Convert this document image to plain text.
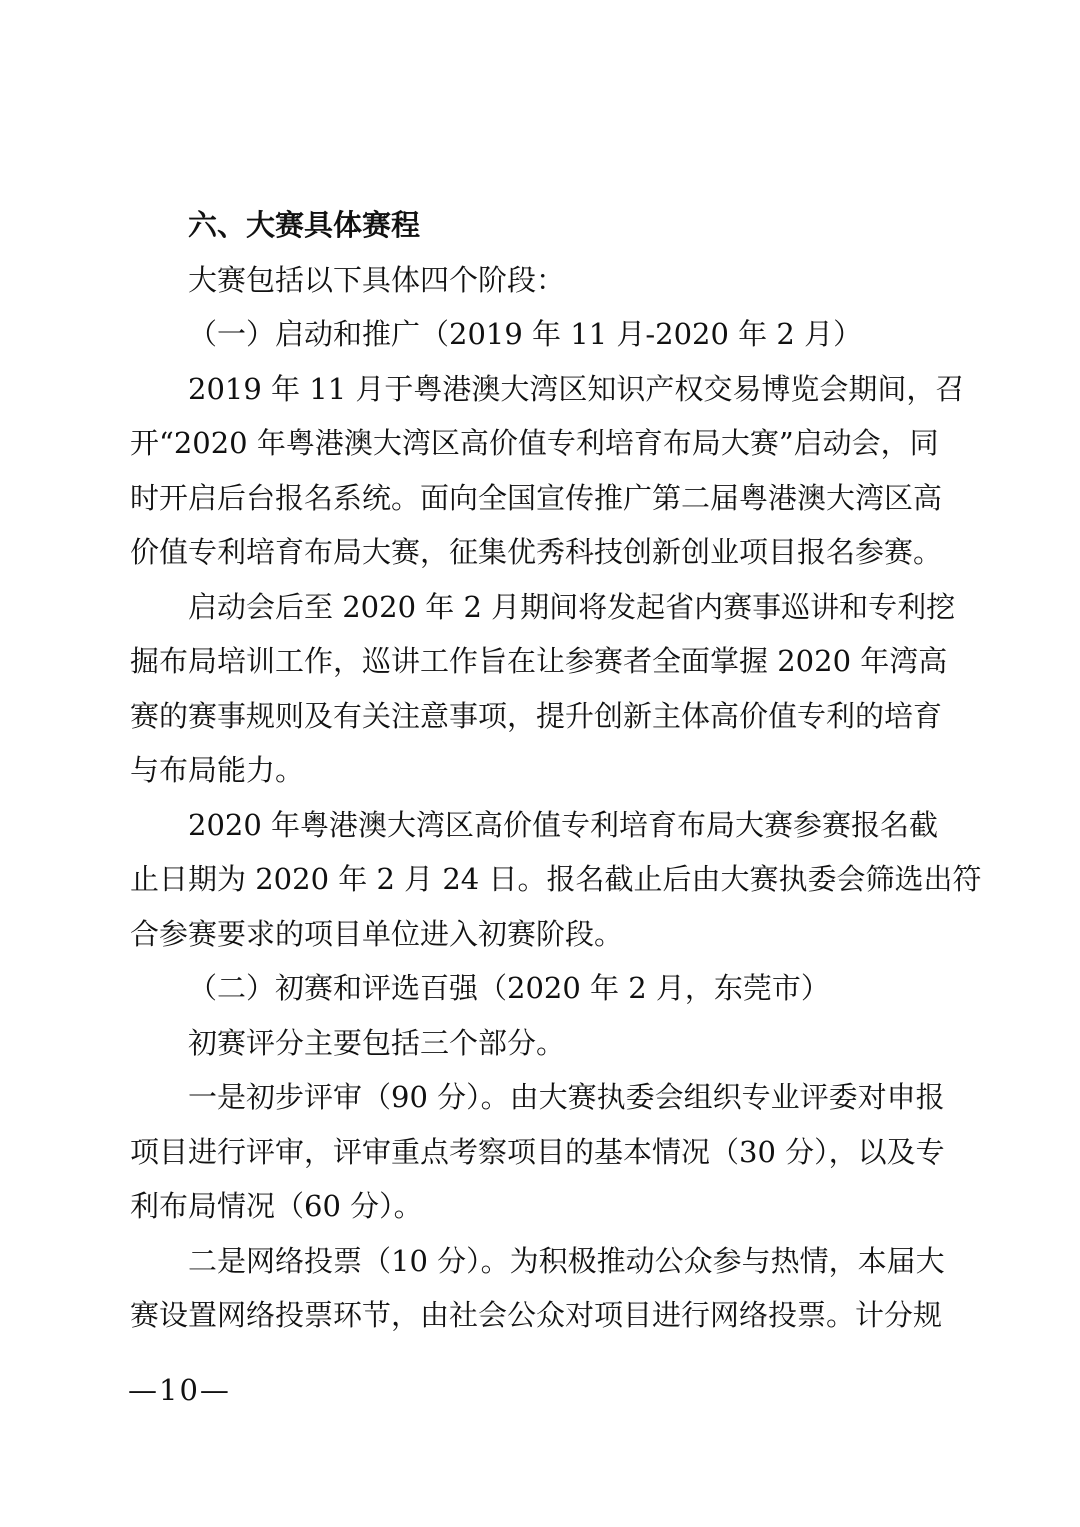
六、大赛具体赛程

大赛包括以下具体四个阶段：

（一）启动和推广（2019 年 11 月-2020 年 2 月）

2019 年 11 月于粤港澳大湾区知识产权交易博览会期间，召

开“2020 年粤港澳大湾区高价值专利培育布局大赛”启动会，同

时开启后台报名系统。面向全国宣传推广第二届粤港澳大湾区高

价值专利培育布局大赛，征集优秀科技创新创业项目报名参赛。

启动会后至 2020 年 2 月期间将发起省内赛事巡讲和专利挖

掘布局培训工作，巡讲工作旨在让参赛者全面掌握 2020 年湾高

赛的赛事规则及有关注意事项，提升创新主体高价值专利的培育

与布局能力。

2020 年粤港澳大湾区高价值专利培育布局大赛参赛报名截

止日期为 2020 年 2 月 24 日。报名截止后由大赛执委会筛选出符

合参赛要求的项目单位进入初赛阶段。

（二）初赛和评选百强（2020 年 2 月，东莞市）

初赛评分主要包括三个部分。

一是初步评审（90 分）。由大赛执委会组织专业评委对申报

项目进行评审，评审重点考察项目的基本情况（30 分），以及专

利布局情况（60 分）。

二是网络投票（10 分）。为积极推动公众参与热情，本届大

赛设置网络投票环节，由社会公众对项目进行网络投票。计分规

—10—
